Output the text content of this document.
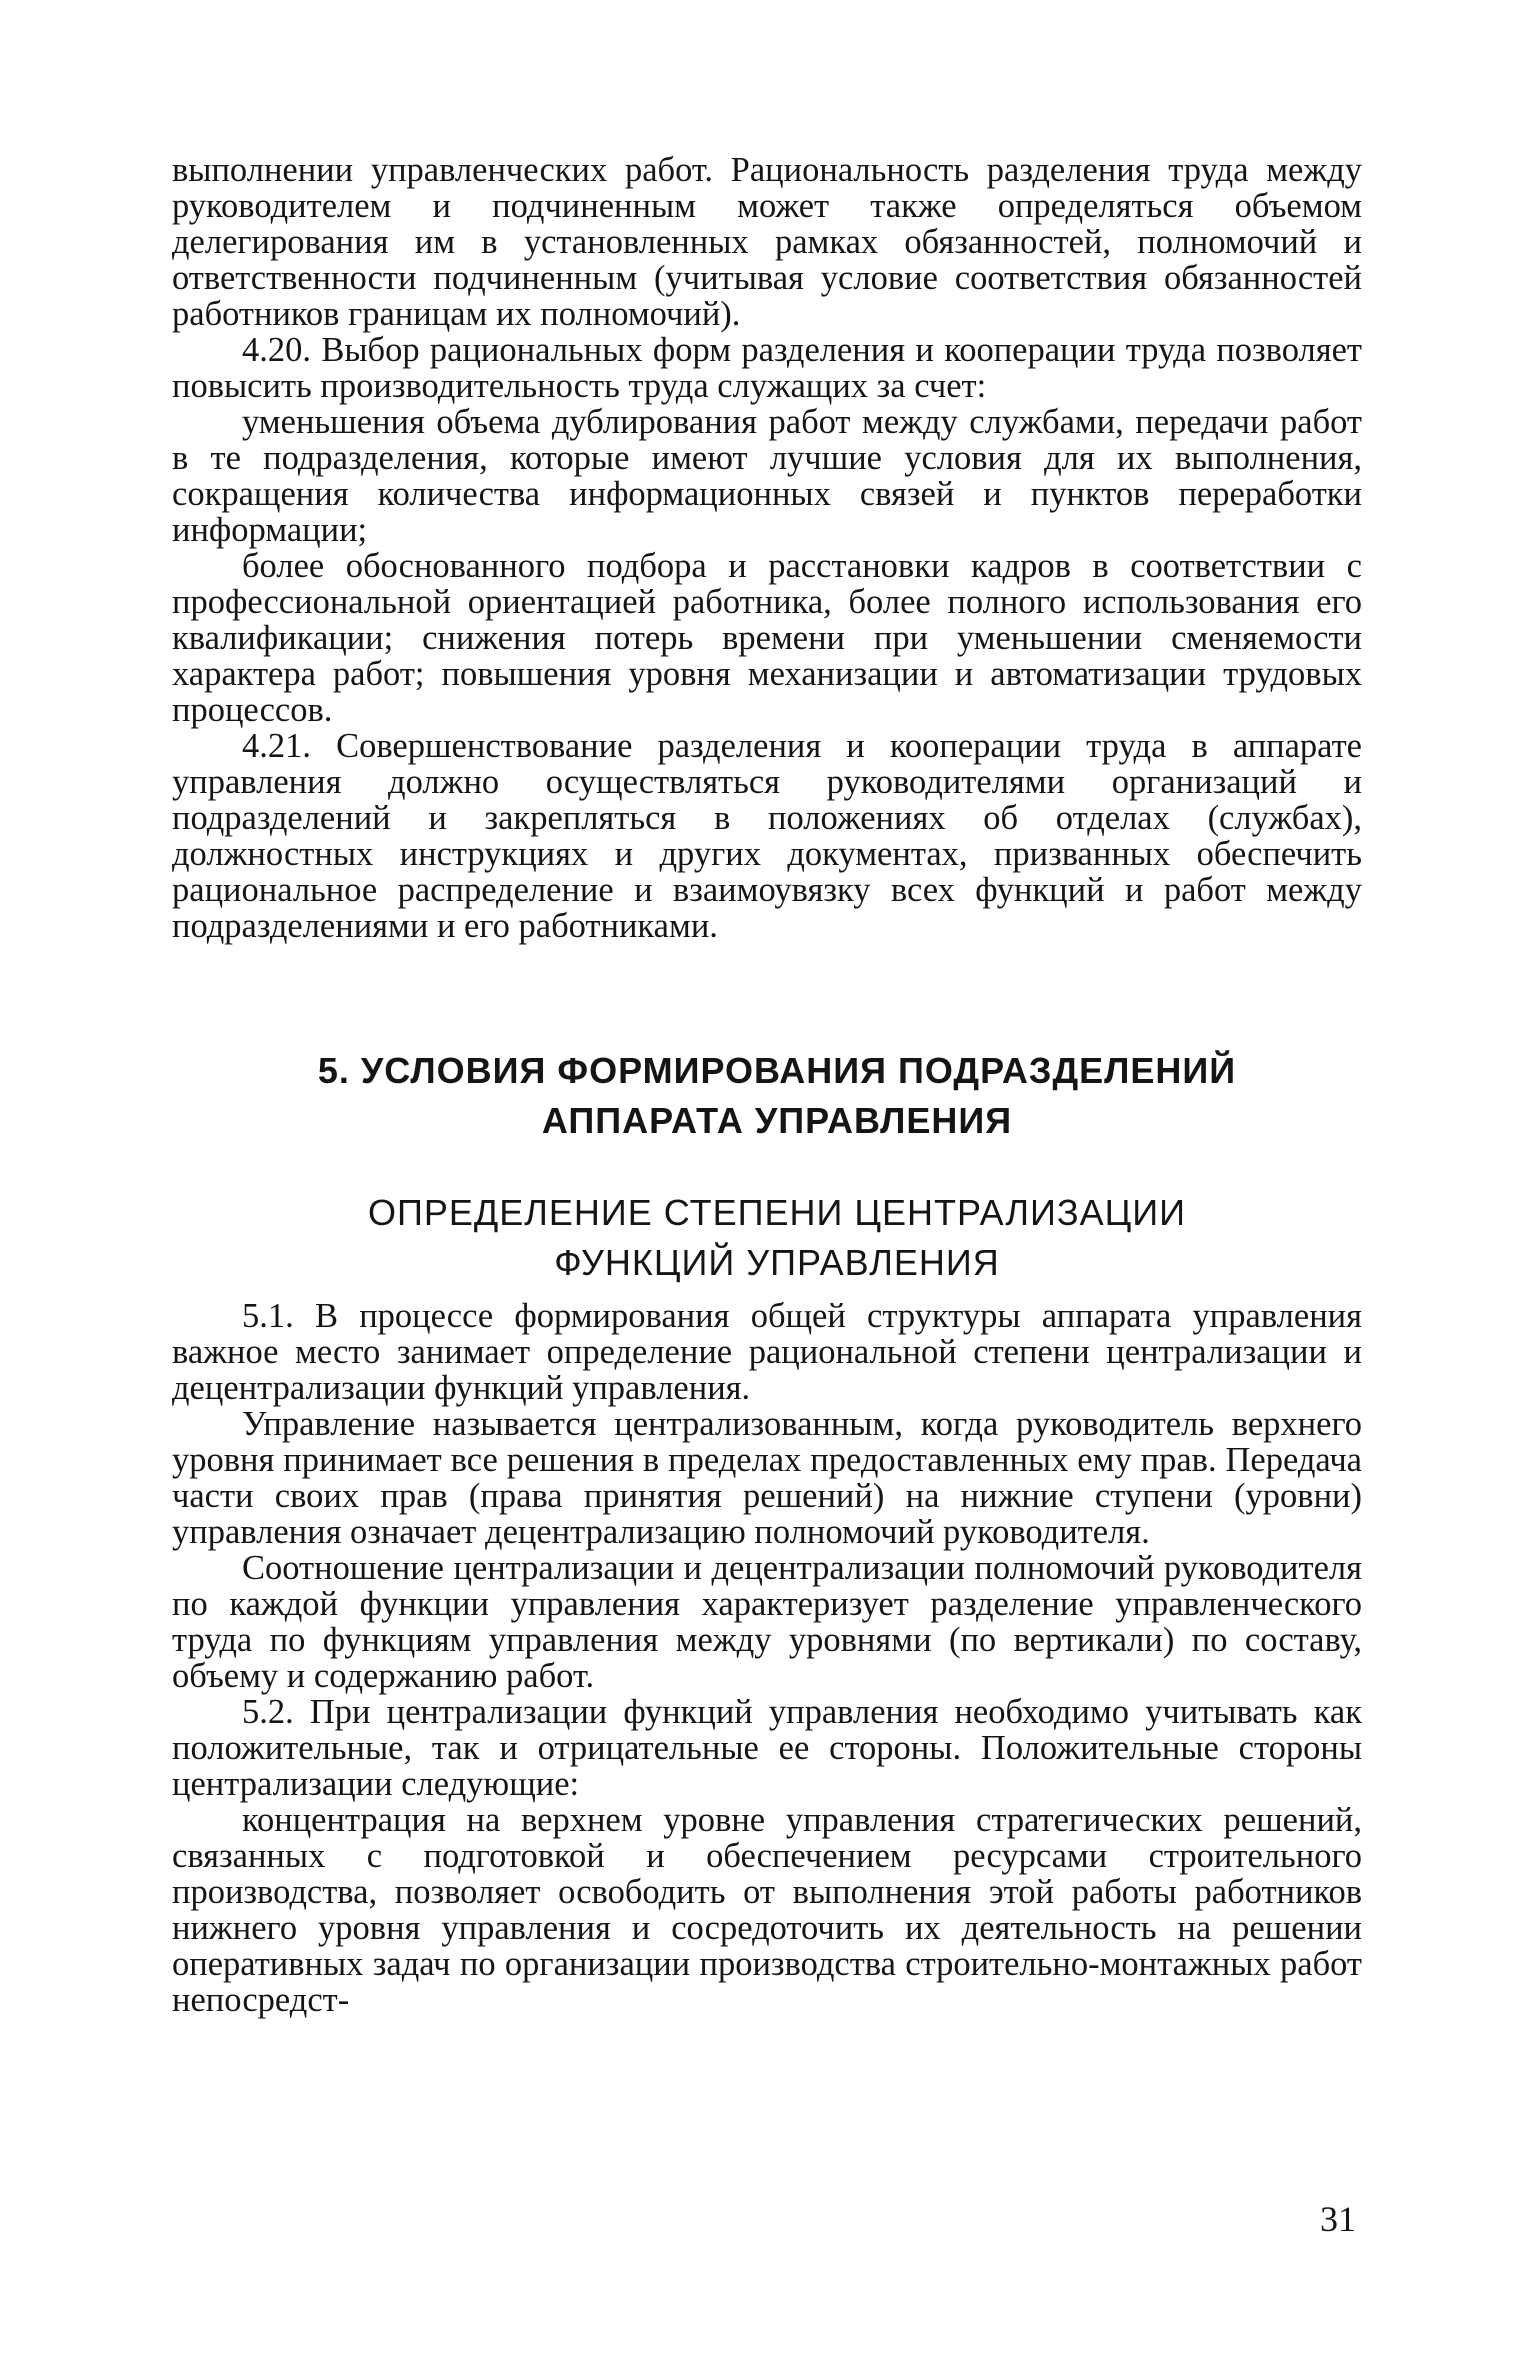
выполнении управленческих работ. Рациональность разделения труда между руководителем и подчиненным может также определяться объемом делегирования им в установленных рамках обязанностей, полномочий и ответственности подчиненным (учитывая условие соответствия обязанностей работников границам их полномочий).

4.20. Выбор рациональных форм разделения и кооперации труда позволяет повысить производительность труда служащих за счет:

уменьшения объема дублирования работ между службами, передачи работ в те подразделения, которые имеют лучшие условия для их выполнения, сокращения количества информационных связей и пунктов переработки информации;

более обоснованного подбора и расстановки кадров в соответствии с профессиональной ориентацией работника, более полного использования его квалификации; снижения потерь времени при уменьшении сменяемости характера работ; повышения уровня механизации и автоматизации трудовых процессов.

4.21. Совершенствование разделения и кооперации труда в аппарате управления должно осуществляться руководителями организаций и подразделений и закрепляться в положениях об отделах (службах), должностных инструкциях и других документах, призванных обеспечить рациональное распределение и взаимоувязку всех функций и работ между подразделениями и его работниками.

5. УСЛОВИЯ ФОРМИРОВАНИЯ ПОДРАЗДЕЛЕНИЙ
АППАРАТА УПРАВЛЕНИЯ
ОПРЕДЕЛЕНИЕ СТЕПЕНИ ЦЕНТРАЛИЗАЦИИ
ФУНКЦИЙ УПРАВЛЕНИЯ

5.1. В процессе формирования общей структуры аппарата управления важное место занимает определение рациональной степени централизации и децентрализации функций управления.

Управление называется централизованным, когда руководитель верхнего уровня принимает все решения в пределах предоставленных ему прав. Передача части своих прав (права принятия решений) на нижние ступени (уровни) управления означает децентрализацию полномочий руководителя.

Соотношение централизации и децентрализации полномочий руководителя по каждой функции управления характеризует разделение управленческого труда по функциям управления между уровнями (по вертикали) по составу, объему и содержанию работ.

5.2. При централизации функций управления необходимо учитывать как положительные, так и отрицательные ее стороны. Положительные стороны централизации следующие:

концентрация на верхнем уровне управления стратегических решений, связанных с подготовкой и обеспечением ресурсами строительного производства, позволяет освободить от выполнения этой работы работников нижнего уровня управления и сосредоточить их деятельность на решении оперативных задач по организации производства строительно-монтажных работ непосредст-

31
